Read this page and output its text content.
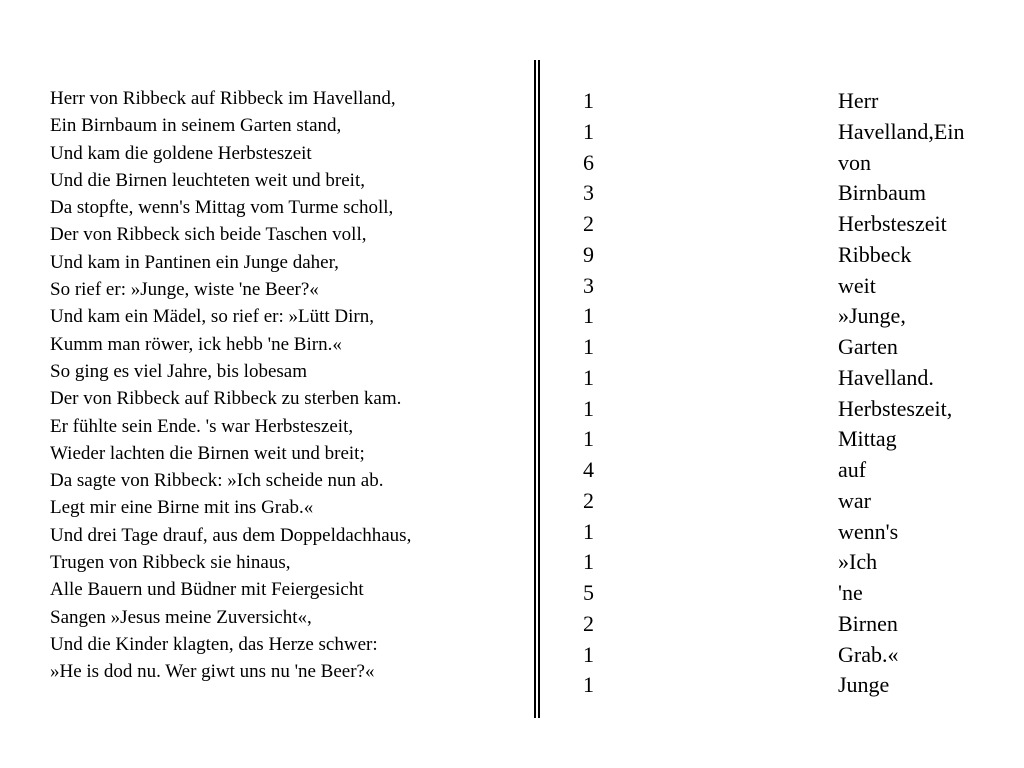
Herr von Ribbeck auf Ribbeck im Havelland,
Ein Birnbaum in seinem Garten stand,
Und kam die goldene Herbsteszeit
Und die Birnen leuchteten weit und breit,
Da stopfte, wenn's Mittag vom Turme scholl,
Der von Ribbeck sich beide Taschen voll,
Und kam in Pantinen ein Junge daher,
So rief er: »Junge, wiste 'ne Beer?«
Und kam ein Mädel, so rief er: »Lütt Dirn,
Kumm man röwer, ick hebb 'ne Birn.«
So ging es viel Jahre, bis lobesam
Der von Ribbeck auf Ribbeck zu sterben kam.
Er fühlte sein Ende. 's war Herbsteszeit,
Wieder lachten die Birnen weit und breit;
Da sagte von Ribbeck: »Ich scheide nun ab.
Legt mir eine Birne mit ins Grab.«
Und drei Tage drauf, aus dem Doppeldachhaus,
Trugen von Ribbeck sie hinaus,
Alle Bauern und Büdner mit Feiergesicht
Sangen »Jesus meine Zuversicht«,
Und die Kinder klagten, das Herze schwer:
»He is dod nu. Wer giwt uns nu 'ne Beer?«
1
1
6
3
2
9
3
1
1
1
1
1
4
2
1
1
5
2
1
1
Herr
Havelland,Ein
von
Birnbaum
Herbsteszeit
Ribbeck
weit
»Junge,
Garten
Havelland.
Herbsteszeit,
Mittag
auf
war
wenn's
»Ich
'ne
Birnen
Grab.«
Junge
